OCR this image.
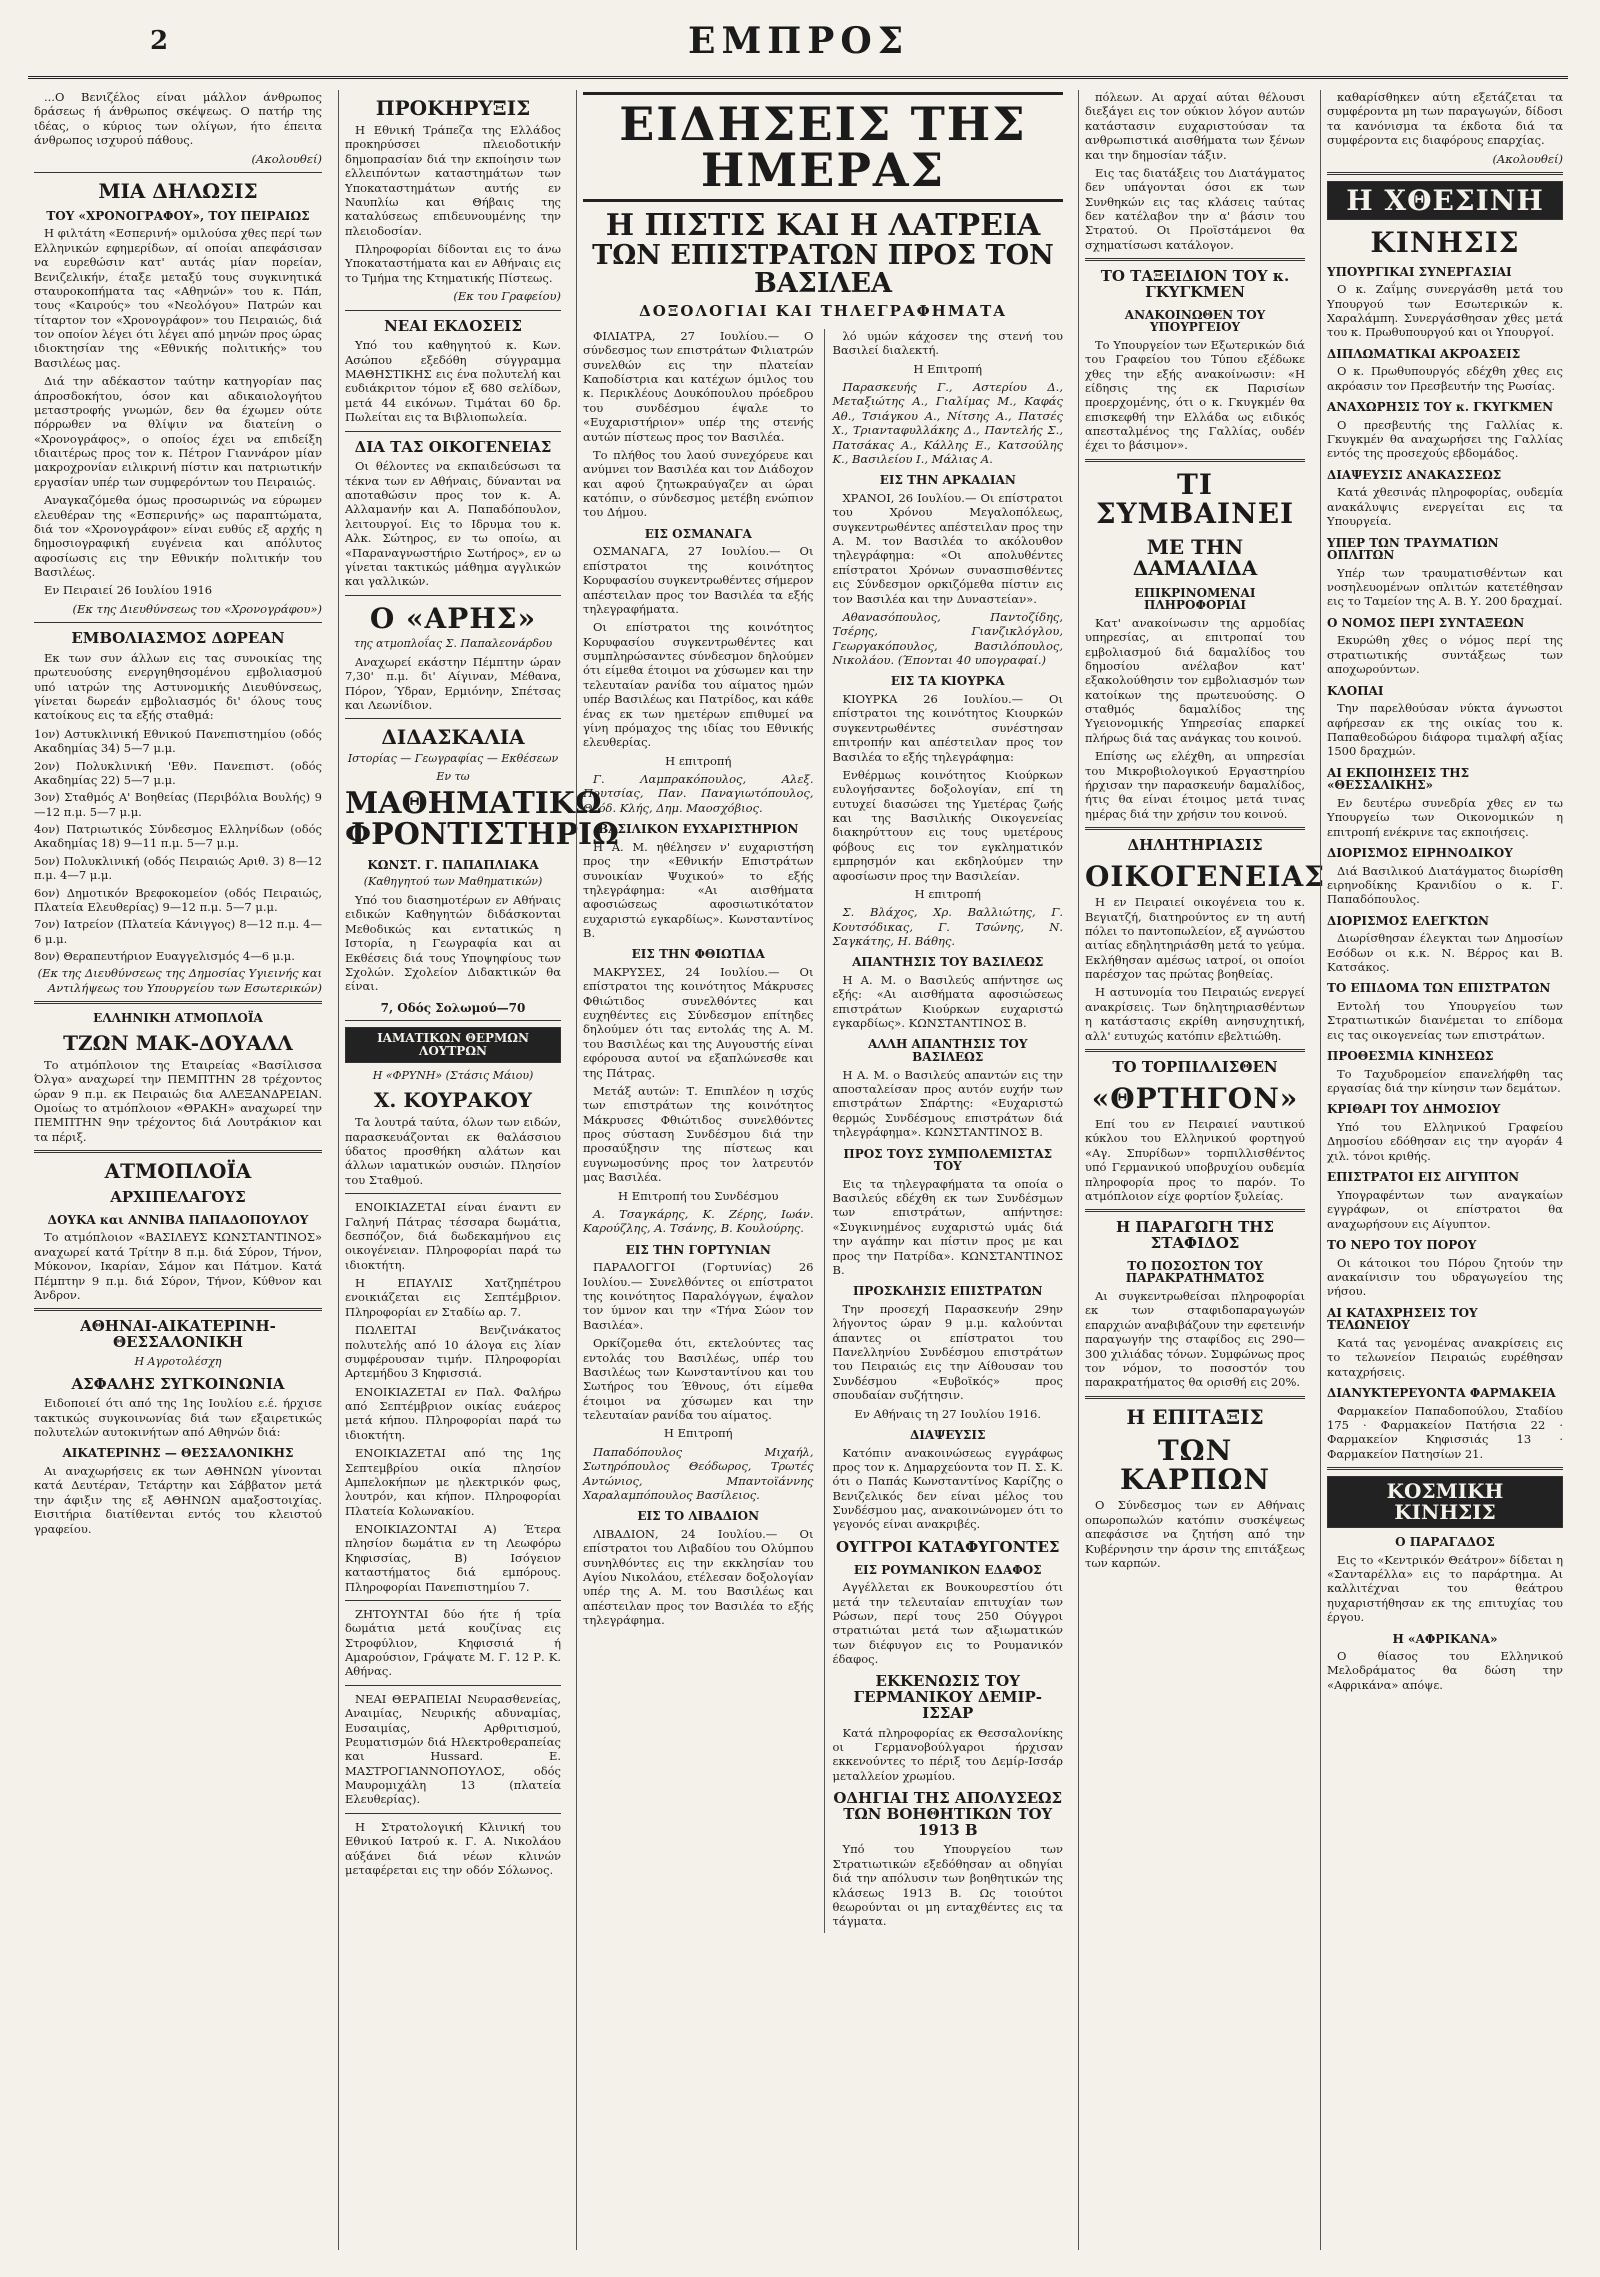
2	ΕΜΠΡΟΣ

...Ο Βενιζέλος είναι μάλλον άνθρωπος δράσεως ή άνθρωπος σκέψεως. Ο πατήρ της ιδέας, ο κύριος των ολίγων, ήτο έπειτα άνθρωπος ισχυρού πάθους.

(Ακολουθεί)

ΜΙΑ ΔΗΛΩΣΙΣ
ΤΟΥ «ΧΡΟΝΟΓΡΑΦΟΥ», ΤΟΥ ΠΕΙΡΑΙΩΣ

Η φιλτάτη «Εσπερινή» ομιλούσα χθες περί των Ελληνικών εφημερίδων, αί οποίαι απεφάσισαν να ευρεθώσιν κατ' αυτάς μίαν πορείαν, Βενιζελικήν, έταξε μεταξύ τους συγκινητικά σταυροκοπήματα τας «Αθηνών» του κ. Πάπ, τους «Καιρούς» του «Νεολόγου» Πατρών και τίταρτον τον «Χρονογράφον» του Πειραιώς, διά τον οποίον λέγει ότι λέγει από μηνών προς ώρας ιδιοκτησίαν της «Εθνικής πολιτικής» του Βασιλέως μας.

Διά την αδέκαστον ταύτην κατηγορίαν πας άπροσδοκήτου, όσον και αδικαιολογήτου μεταστροφής γνωμών, δεν θα έχωμεν ούτε πόρρωθεν να θλίψιν να διατείνη ο «Χρονογράφος», ο οποίος έχει να επιδείξη ιδιαιτέρως προς τον κ. Πέτρον Γιαννάρον μίαν μακροχρονίαν ειλικρινή πίστιν και πατριωτικήν εργασίαν υπέρ των συμφερόντων του Πειραιώς.

Αναγκαζόμεθα όμως προσωρινώς να εύρωμεν ελευθέραν της «Εσπερινής» ως παραπτώματα, διά τον «Χρονογράφον» είναι ευθύς εξ αρχής η δημοσιογραφική ευγένεια και απόλυτος αφοσίωσις εις την Εθνικήν πολιτικήν του Βασιλέως.

Εν Πειραιεί 26 Ιουλίου 1916

(Εκ της Διευθύνσεως του «Χρονογράφου»)

ΕΜΒΟΛΙΑΣΜΟΣ ΔΩΡΕΑΝ

Εκ των συν άλλων εις τας συνοικίας της πρωτευούσης ενεργηθησομένου εμβολιασμού υπό ιατρών της Αστυνομικής Διευθύνσεως, γίνεται δωρεάν εμβολιασμός δι' όλους τους κατοίκους εις τα εξής σταθμά:

1ον) Αστυκλινική Εθνικού Πανεπιστημίου (οδός Ακαδημίας 34) 5—7 μ.μ.

2ον) Πολυκλινική 'Εθν. Πανεπιστ. (οδός Ακαδημίας 22) 5—7 μ.μ.

3ον) Σταθμός Α' Βοηθείας (Περιβόλια Βουλής) 9—12 π.μ. 5—7 μ.μ.

4ον) Πατριωτικός Σύνδεσμος Ελληνίδων (οδός Ακαδημίας 18) 9—11 π.μ. 5—7 μ.μ.

5ον) Πολυκλινική (οδός Πειραιώς Αριθ. 3) 8—12 π.μ. 4—7 μ.μ.

6ον) Δημοτικόν Βρεφοκομείον (οδός Πειραιώς, Πλατεία Ελευθερίας) 9—12 π.μ. 5—7 μ.μ.

7ον) Ιατρείον (Πλατεία Κάνιγγος) 8—12 π.μ. 4—6 μ.μ.

8ον) Θεραπευτήριον Ευαγγελισμός 4—6 μ.μ.

(Εκ της Διευθύνσεως της Δημοσίας Υγιεινής και Αντιλήψεως του Υπουργείου των Εσωτερικών)

ΕΛΛΗΝΙΚΗ ΑΤΜΟΠΛΟΪΑ
ΤΖΩΝ ΜΑΚ-ΔΟΥΑΛΛ

Το ατμόπλοιον της Εταιρείας «Βασίλισσα Όλγα» αναχωρεί την ΠΕΜΠΤΗΝ 28 τρέχοντος ώραν 9 π.μ. εκ Πειραιώς δια ΑΛΕΞΑΝΔΡΕΙΑΝ. Ομοίως το ατμόπλοιον «ΘΡΑΚΗ» αναχωρεί την ΠΕΜΠΤΗΝ 9ην τρέχοντος διά Λουτράκιον και τα πέριξ.

ΑΤΜΟΠΛΟΪΑ
ΑΡΧΙΠΕΛΑΓΟΥΣ
ΔΟΥΚΑ και ΑΝΝΙΒΑ ΠΑΠΑΔΟΠΟΥΛΟΥ

Το ατμόπλοιον «ΒΑΣΙΛΕΥΣ ΚΩΝΣΤΑΝΤΙΝΟΣ» αναχωρεί κατά Τρίτην 8 π.μ. διά Σύρον, Τήνον, Μύκονον, Ικαρίαν, Σάμον και Πάτμον. Κατά Πέμπτην 9 π.μ. διά Σύρον, Τήνον, Κύθνον και Άνδρον.

ΑΘΗΝΑΙ-ΑΙΚΑΤΕΡΙΝΗ-ΘΕΣΣΑΛΟΝΙΚΗ
Η Αγροτολέσχη
ΑΣΦΑΛΗΣ ΣΥΓΚΟΙΝΩΝΙΑ

Ειδοποιεί ότι από της 1ης Ιουλίου ε.έ. ήρχισε τακτικώς συγκοινωνίας διά των εξαιρετικώς πολυτελών αυτοκινήτων από Αθηνών διά:

ΑΙΚΑΤΕΡΙΝΗΣ — ΘΕΣΣΑΛΟΝΙΚΗΣ

Αι αναχωρήσεις εκ των ΑΘΗΝΩΝ γίνονται κατά Δευτέραν, Τετάρτην και Σάββατον μετά την άφιξιν της εξ ΑΘΗΝΩΝ αμαξοστοιχίας. Εισιτήρια διατίθενται εντός του κλειστού γραφείου.

ΠΡΟΚΗΡΥΞΙΣ

Η Εθνική Τράπεζα της Ελλάδος προκηρύσσει πλειοδοτικήν δημοπρασίαν διά την εκποίησιν των ελλειπόντων καταστημάτων των Υποκαταστημάτων αυτής εν Ναυπλίω και Θήβαις της καταλύσεως επιδευνουμένης την πλειοδοσίαν.

Πληροφορίαι δίδονται εις το άνω Υποκαταστήματα και εν Αθήναις εις το Τμήμα της Κτηματικής Πίστεως.

(Εκ του Γραφείου)

ΝΕΑΙ ΕΚΔΟΣΕΙΣ

Υπό του καθηγητού κ. Κων. Ασώπου εξεδόθη σύγγραμμα ΜΑΘΗΣΤΙΚΗΣ εις ένα πολυτελή και ευδιάκριτον τόμον εξ 680 σελίδων, μετά 44 εικόνων. Τιμάται 60 δρ. Πωλείται εις τα Βιβλιοπωλεία.

ΔΙΑ ΤΑΣ ΟΙΚΟΓΕΝΕΙΑΣ

Οι θέλοντες να εκπαιδεύσωσι τα τέκνα των εν Αθήναις, δύνανται να αποταθώσιν προς τον κ. Α. Αλλαμανήν και Α. Παπαδόπουλον, λειτουργοί. Εις το Ιδρυμα του κ. Αλκ. Σώτηρος, εν τω οποίω, αι «Παραναγνωστήριο Σωτήρος», εν ω γίνεται τακτικώς μάθημα αγγλικών και γαλλικών.

Ο «ΑΡΗΣ»
της ατμοπλοΐας Σ. Παπαλεονάρδου

Αναχωρεί εκάστην Πέμπτην ώραν 7,30' π.μ. δι' Αίγιναν, Μέθανα, Πόρον, Ύδραν, Ερμιόνην, Σπέτσας και Λεωνίδιον.

ΔΙΔΑΣΚΑΛΙΑ
Ιστορίας — Γεωγραφίας — Εκθέσεων
Εν τω
ΜΑΘΗΜΑΤΙΚΩ ΦΡΟΝΤΙΣΤΗΡΙΩ
ΚΩΝΣΤ. Γ. ΠΑΠΑΠΛΙΑΚΑ
(Καθηγητού των Μαθηματικών)

Υπό του διασημοτέρων εν Αθήναις ειδικών Καθηγητών διδάσκονται Μεθοδικώς και εντατικώς η Ιστορία, η Γεωγραφία και αι Εκθέσεις διά τους Υποψηφίους των Σχολών. Σχολείον Διδακτικών θα είναι.

7, Οδός Σολωμού—70
ΙΑΜΑΤΙΚΩΝ ΘΕΡΜΩΝ ΛΟΥΤΡΩΝ
Η «ΦΡΥΝΗ» (Στάσις Μάιου)
Χ. ΚΟΥΡΑΚΟΥ

Τα λουτρά ταύτα, όλων των ειδών, παρασκευάζονται εκ θαλάσσιου ύδατος προσθήκη αλάτων και άλλων ιαματικών ουσιών. Πλησίον του Σταθμού.

ΕΝΟΙΚΙΑΖΕΤΑΙ είναι έναντι εν Γαληνή Πάτρας τέσσαρα δωμάτια, δεσπόζον, διά δωδεκαμήνου εις οικογένειαν. Πληροφορίαι παρά τω ιδιοκτήτη.

Η ΕΠΑΥΛΙΣ Χατζηπέτρου ενοικιάζεται εις Σεπτέμβριον. Πληροφορίαι εν Σταδίω αρ. 7.

ΠΩΛΕΙΤΑΙ Βενζινάκατος πολυτελής από 10 άλογα εις λίαν συμφέρουσαν τιμήν. Πληροφορίαι Αρτεμήδου 3 Κηφισσιά.

ΕΝΟΙΚΙΑΖΕΤΑΙ εν Παλ. Φαλήρω από Σεπτέμβριον οικίας ευάερος μετά κήπου. Πληροφορίαι παρά τω ιδιοκτήτη.

ΕΝΟΙΚΙΑΖΕΤΑΙ από της 1ης Σεπτεμβρίου οικία πλησίον Αμπελοκήπων με ηλεκτρικόν φως, λουτρόν, και κήπον. Πληροφορίαι Πλατεία Κολωνακίου.

ΕΝΟΙΚΙΑΖΟΝΤΑΙ Α) Έτερα πλησίον δωμάτια εν τη Λεωφόρω Κηφισσίας, Β) Ισόγειον καταστήματος διά εμπόρους. Πληροφορίαι Πανεπιστημίου 7.

ΖΗΤΟΥΝΤΑΙ δύο ήτε ή τρία δωμάτια μετά κουζίνας εις Στροφύλιον, Κηφισσιά ή Αμαρούσιον, Γράψατε Μ. Γ. 12 Ρ. Κ. Αθήνας.

ΝΕΑΙ ΘΕΡΑΠΕΙΑΙ Νευρασθενείας, Αναιμίας, Νευρικής αδυναμίας, Ευσαιμίας, Αρθριτισμού, Ρευματισμών διά Ηλεκτροθεραπείας και Hussard. Ε. ΜΑΣΤΡΟΓΙΑΝΝΟΠΟΥΛΟΣ, οδός Μαυρομιχάλη 13 (πλατεία Ελευθερίας).

Η Στρατολογική Κλινική του Εθνικού Ιατρού κ. Γ. Α. Νικολάου αύξάνει διά νέων κλινών μεταφέρεται εις την οδόν Σόλωνος.

ΕΙΔΗΣΕΙΣ ΤΗΣ ΗΜΕΡΑΣ
Η ΠΙΣΤΙΣ ΚΑΙ Η ΛΑΤΡΕΙΑ
ΤΩΝ ΕΠΙΣΤΡΑΤΩΝ ΠΡΟΣ ΤΟΝ ΒΑΣΙΛΕΑ
ΔΟΞΟΛΟΓΙΑΙ ΚΑΙ ΤΗΛΕΓΡΑΦΗΜΑΤΑ

ΦΙΛΙΑΤΡΑ, 27 Ιουλίου.— Ο σύνδεσμος των επιστράτων Φιλιατρών συνελθών εις την πλατείαν Καποδίστρια και κατέχων όμιλος του κ. Περικλέους Δουκόπουλου πρόεδρου του συνδέσμου έψαλε το «Ευχαριστήριον» υπέρ της στενής αυτών πίστεως προς τον Βασιλέα.

Το πλήθος του λαού συνεχόρευε και ανύμνει τον Βασιλέα και τον Διάδοχον και αφού ζητωκραύγαζεν αι ώραι κατόπιν, ο σύνδεσμος μετέβη ενώπιον του Δήμου.

ΕΙΣ ΟΣΜΑΝΑΓΑ

ΟΣΜΑΝΑΓΑ, 27 Ιουλίου.— Οι επίστρατοι της κοινότητος Κορυφασίου συγκεντρωθέντες σήμερον απέστειλαν προς τον Βασιλέα τα εξής τηλεγραφήματα.

Οι επίστρατοι της κοινότητος Κορυφασίου συγκεντρωθέντες και συμπληρώσαντες σύνδεσμον δηλούμεν ότι είμεθα έτοιμοι να χύσωμεν και την τελευταίαν ρανίδα του αίματος ημών υπέρ Βασιλέως και Πατρίδος, και κάθε ένας εκ των ημετέρων επιθυμεί να γίνη πρόμαχος της ιδίας του Εθνικής ελευθερίας.

Η επιτροπή

Γ. Λαμπρακόπουλος, Αλεξ. Πουτσίας, Παν. Παναγιωτόπουλος, Θεόδ. Κλής, Δημ. Μαοσχόβιος.

ΒΑΣΙΛΙΚΟΝ ΕΥΧΑΡΙΣΤΗΡΙΟΝ

Η Α. Μ. ηθέλησεν ν' ευχαριστήση προς την «Εθνικήν Επιστράτων συνοικίαν Ψυχικού» το εξής τηλεγράφημα: «Αι αισθήματα αφοσιώσεως αφοσιωτικότατον ευχαριστώ εγκαρδίως». Κωνσταντίνος Β.

ΕΙΣ ΤΗΝ ΦΘΙΩΤΙΔΑ

ΜΑΚΡΥΣΕΣ, 24 Ιουλίου.— Οι επίστρατοι της κοινότητος Μάκρυσες Φθιώτιδος συνελθόντες και ευχηθέντες εις Σύνδεσμον επίτηδες δηλούμεν ότι τας εντολάς της Α. Μ. του Βασιλέως και της Αυγουστής είναι εφόρουσα αυτοί να εξαπλώνεσθε και της Πάτρας.

Μετάξ αυτών: Τ. Επιπλέον η ισχύς των επιστράτων της κοινότητος Μάκρυσες Φθιώτιδος συνελθόντες προς σύσταση Συνδέσμου διά την προσαύξησιν της πίστεως και ευγνωμοσύνης προς τον λατρευτόν μας Βασιλέα.

Η Επιτροπή του Συνδέσμου

Α. Τσαγκάρης, Κ. Ζέρης, Ιωάν. Καρούζλης, Α. Τσάνης, Β. Κουλούρης.

ΕΙΣ ΤΗΝ ΓΟΡΤΥΝΙΑΝ

ΠΑΡΑΛΟΓΓΟΙ (Γορτυνίας) 26 Ιουλίου.— Συνελθόντες οι επίστρατοι της κοινότητος Παραλόγγων, έψαλον τον ύμνον και την «Τήνα Σώον τον Βασιλέα».

Ορκίζομεθα ότι, εκτελούντες τας εντολάς του Βασιλέως, υπέρ του Βασιλέως των Κωνσταντίνου και του Σωτήρος του Έθνους, ότι είμεθα έτοιμοι να χύσωμεν και την τελευταίαν ρανίδα του αίματος.

Η Επιτροπή

Παπαδόπουλος Μιχαήλ, Σωτηρόπουλος Θεόδωρος, Τρωτές Αντώνιος, Μπαντοϊάννης Χαραλαμπόπουλος Βασίλειος.

ΕΙΣ ΤΟ ΛΙΒΑΔΙΟΝ

ΛΙΒΑΔΙΟΝ, 24 Ιουλίου.— Οι επίστρατοι του Λιβαδίου του Ολύμπου συνηλθόντες εις την εκκλησίαν του Αγίου Νικολάου, ετέλεσαν δοξολογίαν υπέρ της Α. Μ. του Βασιλέως και απέστειλαν προς τον Βασιλέα το εξής τηλεγράφημα.

λό υμών κάχοσεν της στενή του Βασιλεί διαλεκτή.

Η Επιτροπή

Παρασκευής Γ., Αστερίου Δ., Μεταξιώτης Α., Γιαλίμας Μ., Καφάς Αθ., Τσιάγκου Α., Νίτσης Α., Πατσές Χ., Τριανταφυλλάκης Δ., Παντελής Σ., Πατσάκας Α., Κάλλης Ε., Κατσούλης Κ., Βασιλείου Ι., Μάλιας Α.

ΕΙΣ ΤΗΝ ΑΡΚΑΔΙΑΝ

ΧΡΑΝΟΙ, 26 Ιουλίου.— Οι επίστρατοι του Χρόνου Μεγαλοπόλεως, συγκεντρωθέντες απέστειλαν προς την Α. Μ. τον Βασιλέα το ακόλουθον τηλεγράφημα: «Οι απολυθέντες επίστρατοι Χρόνων συνασπισθέντες εις Σύνδεσμον ορκιζόμεθα πίστιν εις τον Βασιλέα και την Δυναστείαν».

Αθανασόπουλος, Παντοζίδης, Τσέρης, Γιανζικλόγλου, Γεωργακόπουλος, Βασιλόπουλος, Νικολάου. (Έπονται 40 υπογραφαί.)

ΕΙΣ ΤΑ ΚΙΟΥΡΚΑ

ΚΙΟΥΡΚΑ 26 Ιουλίου.— Οι επίστρατοι της κοινότητος Κιουρκών συγκεντρωθέντες συνέστησαν επιτροπήν και απέστειλαν προς τον Βασιλέα το εξής τηλεγράφημα:

Ενθέρμως κοινότητος Κιούρκων ευλογήσαντες δοξολογίαν, επί τη ευτυχεί διασώσει της Υμετέρας ζωής και της Βασιλικής Οικογενείας διακηρύττουν εις τους υμετέρους φόβους εις τον εγκληματικόν εμπρησμόν και εκδηλούμεν την αφοσίωσιν προς την Βασιλείαν.

Η επιτροπή

Σ. Βλάχος, Χρ. Βαλλιώτης, Γ. Κουτσόδικας, Γ. Τσώνης, Ν. Σαγκάτης, Η. Βάθης.

ΑΠΑΝΤΗΣΙΣ ΤΟΥ ΒΑΣΙΛΕΩΣ

Η Α. Μ. ο Βασιλεύς απήντησε ως εξής: «Αι αισθήματα αφοσιώσεως επιστράτων Κιούρκων ευχαριστώ εγκαρδίως». ΚΩΝΣΤΑΝΤΙΝΟΣ Β.

ΑΛΛΗ ΑΠΑΝΤΗΣΙΣ ΤΟΥ ΒΑΣΙΛΕΩΣ

Η Α. Μ. ο Βασιλεύς απαντών εις την αποσταλείσαν προς αυτόν ευχήν των επιστράτων Σπάρτης: «Ευχαριστώ θερμώς Συνδέσμους επιστράτων διά τηλεγράφημα». ΚΩΝΣΤΑΝΤΙΝΟΣ Β.

ΠΡΟΣ ΤΟΥΣ ΣΥΜΠΟΛΕΜΙΣΤΑΣ ΤΟΥ

Εις τα τηλεγραφήματα τα οποία ο Βασιλεύς εδέχθη εκ των Συνδέσμων των επιστράτων, απήντησε: «Συγκινημένος ευχαριστώ υμάς διά την αγάπην και πίστιν προς με και προς την Πατρίδα». ΚΩΝΣΤΑΝΤΙΝΟΣ Β.

ΠΡΟΣΚΛΗΣΙΣ ΕΠΙΣΤΡΑΤΩΝ

Την προσεχή Παρασκευήν 29ην λήγοντος ώραν 9 μ.μ. καλούνται άπαντες οι επίστρατοι του Πανελληνίου Συνδέσμου επιστράτων του Πειραιώς εις την Αίθουσαν του Συνδέσμου «Ευβοϊκός» προς σπουδαίαν συζήτησιν.

Εν Αθήναις τη 27 Ιουλίου 1916.

ΔΙΑΨΕΥΣΙΣ

Κατόπιν ανακοινώσεως εγγράφως προς τον κ. Δημαρχεύοντα τον Π. Σ. Κ. ότι ο Παπάς Κωνσταντίνος Καρίζης ο Βενιζελικός δεν είναι μέλος του Συνδέσμου μας, ανακοινώνομεν ότι το γεγονός είναι ανακριβές.

ΟΥΓΓΡΟΙ ΚΑΤΑΦΥΓΟΝΤΕΣ
ΕΙΣ ΡΟΥΜΑΝΙΚΟΝ ΕΔΑΦΟΣ

Αγγέλλεται εκ Βουκουρεστίου ότι μετά την τελευταίαν επιτυχίαν των Ρώσων, περί τους 250 Ούγγροι στρατιώται μετά των αξιωματικών των διέφυγον εις το Ρουμανικόν έδαφος.

ΕΚΚΕΝΩΣΙΣ ΤΟΥ ΓΕΡΜΑΝΙΚΟΥ ΔΕΜΙΡ-ΙΣΣΑΡ

Κατά πληροφορίας εκ Θεσσαλονίκης οι Γερμανοβούλγαροι ήρχισαν εκκενούντες το πέριξ του Δεμίρ-Ισσάρ μεταλλείον χρωμίου.

ΟΔΗΓΙΑΙ ΤΗΣ ΑΠΟΛΥΣΕΩΣ ΤΩΝ ΒΟΗΘΗΤΙΚΩΝ ΤΟΥ 1913 Β

Υπό του Υπουργείου των Στρατιωτικών εξεδόθησαν αι οδηγίαι διά την απόλυσιν των βοηθητικών της κλάσεως 1913 Β. Ως τοιούτοι θεωρούνται οι μη ενταχθέντες εις τα τάγματα.

πόλεων. Αι αρχαί αύται θέλουσι διεξάγει εις τον ούκιον λόγον αυτών κατάστασιν ευχαριστούσαν τα ανθρωπιστικά αισθήματα των ξένων και την δημοσίαν τάξιν.

Εις τας διατάξεις του Διατάγματος δεν υπάγονται όσοι εκ των Συνθηκών εις τας κλάσεις ταύτας δεν κατέλαβον την α' βάσιν του Στρατού. Οι Προϊστάμενοι θα σχηματίσωσι κατάλογον.

ΤΟ ΤΑΞΕΙΔΙΟΝ ΤΟΥ κ. ΓΚΥΓΚΜΕΝ
ΑΝΑΚΟΙΝΩΘΕΝ ΤΟΥ ΥΠΟΥΡΓΕΙΟΥ

Το Υπουργείον των Εξωτερικών διά του Γραφείου του Τύπου εξέδωκε χθες την εξής ανακοίνωσιν: «Η είδησις της εκ Παρισίων προερχομένης, ότι ο κ. Γκυγκμέν θα επισκεφθή την Ελλάδα ως ειδικός απεσταλμένος της Γαλλίας, ουδέν έχει το βάσιμον».

ΤΙ ΣΥΜΒΑΙΝΕΙ
ΜΕ ΤΗΝ ΔΑΜΑΛΙΔΑ
ΕΠΙΚΡΙΝΟΜΕΝΑΙ ΠΛΗΡΟΦΟΡΙΑΙ

Κατ' ανακοίνωσιν της αρμοδίας υπηρεσίας, αι επιτροπαί του εμβολιασμού διά δαμαλίδος του δημοσίου ανέλαβον κατ' εξακολούθησιν τον εμβολιασμόν των κατοίκων της πρωτευούσης. Ο σταθμός δαμαλίδος της Υγειονομικής Υπηρεσίας επαρκεί πλήρως διά τας ανάγκας του κοινού.

Επίσης ως ελέχθη, αι υπηρεσίαι του Μικροβιολογικού Εργαστηρίου ήρχισαν την παρασκευήν δαμαλίδος, ήτις θα είναι έτοιμος μετά τινας ημέρας διά την χρήσιν του κοινού.

ΔΗΛΗΤΗΡΙΑΣΙΣ
ΟΙΚΟΓΕΝΕΙΑΣ

Η εν Πειραιεί οικογένεια του κ. Βεγιατζή, διατηρούντος εν τη αυτή πόλει το παντοπωλείον, εξ αγνώστου αιτίας εδηλητηριάσθη μετά το γεύμα. Εκλήθησαν αμέσως ιατροί, οι οποίοι παρέσχον τας πρώτας βοηθείας.

Η αστυνομία του Πειραιώς ενεργεί ανακρίσεις. Των δηλητηριασθέντων η κατάστασις εκρίθη ανησυχητική, αλλ' ευτυχώς κατόπιν εβελτιώθη.

ΤΟ ΤΟΡΠΙΛΛΙΣΘΕΝ
«ΘΡΤΗΓΟΝ»

Επί του εν Πειραιεί ναυτικού κύκλου του Ελληνικού φορτηγού «Αγ. Σπυρίδων» τορπιλλισθέντος υπό Γερμανικού υποβρυχίου ουδεμία πληροφορία προς το παρόν. Το ατμόπλοιον είχε φορτίον ξυλείας.

Η ΠΑΡΑΓΩΓΗ ΤΗΣ ΣΤΑΦΙΔΟΣ
ΤΟ ΠΟΣΟΣΤΟΝ ΤΟΥ ΠΑΡΑΚΡΑΤΗΜΑΤΟΣ

Αι συγκεντρωθείσαι πληροφορίαι εκ των σταφιδοπαραγωγών επαρχιών αναβιβάζουν την εφετεινήν παραγωγήν της σταφίδος εις 290—300 χιλιάδας τόνων. Συμφώνως προς τον νόμον, το ποσοστόν του παρακρατήματος θα ορισθή εις 20%.

Η ΕΠΙΤΑΞΙΣ
ΤΩΝ ΚΑΡΠΩΝ

Ο Σύνδεσμος των εν Αθήναις οπωροπωλών κατόπιν συσκέψεως απεφάσισε να ζητήση από την Κυβέρνησιν την άρσιν της επιτάξεως των καρπών.

καθαρίσθηκεν αύτη εξετάζεται τα συμφέροντα μη των παραγωγών, δίδοσι τα κανόνισμα τα έκδοτα διά τα συμφέροντα εις διαφόρους επαρχίας.

(Ακολουθεί)

Η ΧΘΕΣΙΝΗ
ΚΙΝΗΣΙΣ
ΥΠΟΥΡΓΙΚΑΙ ΣΥΝΕΡΓΑΣΙΑΙ

Ο κ. Ζαΐμης συνεργάσθη μετά του Υπουργού των Εσωτερικών κ. Χαραλάμπη. Συνεργάσθησαν χθες μετά του κ. Πρωθυπουργού και οι Υπουργοί.

ΔΙΠΛΩΜΑΤΙΚΑΙ ΑΚΡΟΑΣΕΙΣ

Ο κ. Πρωθυπουργός εδέχθη χθες εις ακρόασιν τον Πρεσβευτήν της Ρωσίας.

ΑΝΑΧΩΡΗΣΙΣ ΤΟΥ κ. ΓΚΥΓΚΜΕΝ

Ο πρεσβευτής της Γαλλίας κ. Γκυγκμέν θα αναχωρήσει της Γαλλίας εντός της προσεχούς εβδομάδος.

ΔΙΑΨΕΥΣΙΣ ΑΝΑΚΑΣΣΕΩΣ

Κατά χθεσινάς πληροφορίας, ουδεμία ανακάλυψις ενεργείται εις τα Υπουργεία.

ΥΠΕΡ ΤΩΝ ΤΡΑΥΜΑΤΙΩΝ ΟΠΛΙΤΩΝ

Υπέρ των τραυματισθέντων και νοσηλευομένων οπλιτών κατετέθησαν εις το Ταμείον της Α. Β. Υ. 200 δραχμαί.

Ο ΝΟΜΟΣ ΠΕΡΙ ΣΥΝΤΑΞΕΩΝ

Εκυρώθη χθες ο νόμος περί της στρατιωτικής συντάξεως των αποχωρούντων.

ΚΛΟΠΑΙ

Την παρελθούσαν νύκτα άγνωστοι αφήρεσαν εκ της οικίας του κ. Παπαθεοδώρου διάφορα τιμαλφή αξίας 1500 δραχμών.

ΑΙ ΕΚΠΟΙΗΣΕΙΣ ΤΗΣ «ΘΕΣΣΑΛΙΚΗΣ»

Εν δευτέρω συνεδρία χθες εν τω Υπουργείω των Οικονομικών η επιτροπή ενέκρινε τας εκποιήσεις.

ΔΙΟΡΙΣΜΟΣ ΕΙΡΗΝΟΔΙΚΟΥ

Διά Βασιλικού Διατάγματος διωρίσθη ειρηνοδίκης Κρανιδίου ο κ. Γ. Παπαδόπουλος.

ΔΙΟΡΙΣΜΟΣ ΕΛΕΓΚΤΩΝ

Διωρίσθησαν έλεγκται των Δημοσίων Εσόδων οι κ.κ. Ν. Βέρρος και Β. Κατσάκος.

ΤΟ ΕΠΙΔΟΜΑ ΤΩΝ ΕΠΙΣΤΡΑΤΩΝ

Εντολή του Υπουργείου των Στρατιωτικών διανέμεται το επίδομα εις τας οικογενείας των επιστράτων.

ΠΡΟΘΕΣΜΙΑ ΚΙΝΗΣΕΩΣ

Το Ταχυδρομείον επανελήφθη τας εργασίας διά την κίνησιν των δεμάτων.

ΚΡΙΘΑΡΙ ΤΟΥ ΔΗΜΟΣΙΟΥ

Υπό του Ελληνικού Γραφείου Δημοσίου εδόθησαν εις την αγοράν 4 χιλ. τόνοι κριθής.

ΕΠΙΣΤΡΑΤΟΙ ΕΙΣ ΑΙΓΥΠΤΟΝ

Υπογραφέντων των αναγκαίων εγγράφων, οι επίστρατοι θα αναχωρήσουν εις Αίγυπτον.

ΤΟ ΝΕΡΟ ΤΟΥ ΠΟΡΟΥ

Οι κάτοικοι του Πόρου ζητούν την ανακαίνισιν του υδραγωγείου της νήσου.

ΑΙ ΚΑΤΑΧΡΗΣΕΙΣ ΤΟΥ ΤΕΛΩΝΕΙΟΥ

Κατά τας γενομένας ανακρίσεις εις το τελωνείον Πειραιώς ευρέθησαν καταχρήσεις.

ΔΙΑΝΥΚΤΕΡΕΥΟΝΤΑ ΦΑΡΜΑΚΕΙΑ

Φαρμακείον Παπαδοπούλου, Σταδίου 175 · Φαρμακείον Πατήσια 22 · Φαρμακείον Κηφισσιάς 13 · Φαρμακείον Πατησίων 21.

ΚΟΣΜΙΚΗ ΚΙΝΗΣΙΣ
Ο ΠΑΡΑΓΑΔΟΣ

Εις το «Κεντρικόν Θεάτρον» δίδεται η «Σανταρέλλα» εις το παράρτημα. Αι καλλιτέχναι του θεάτρου ηυχαριστήθησαν εκ της επιτυχίας του έργου.

Η «ΑΦΡΙΚΑΝΑ»

Ο θίασος του Ελληνικού Μελοδράματος θα δώση την «Αφρικάνα» απόψε.
